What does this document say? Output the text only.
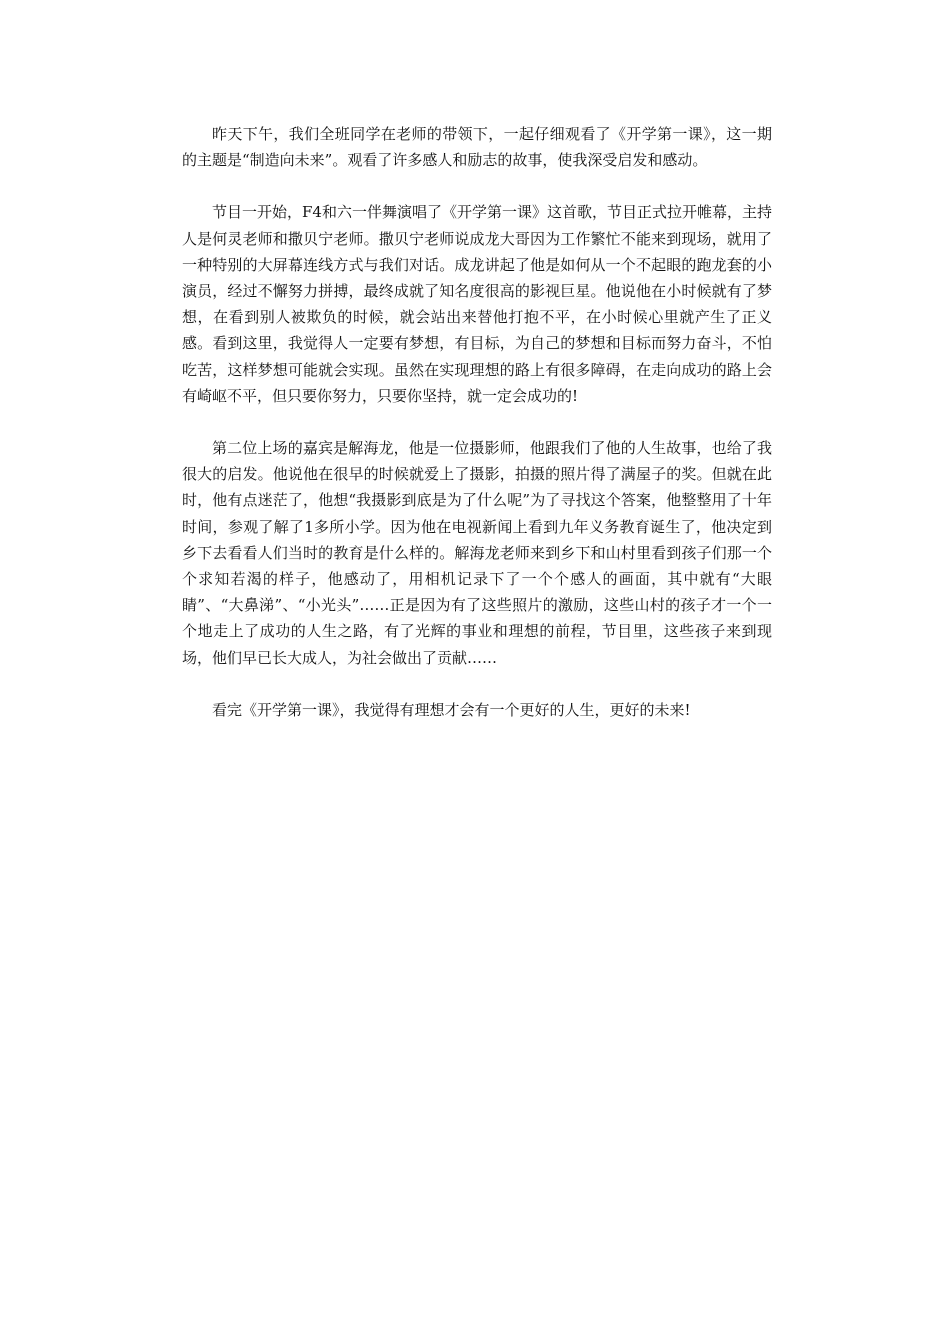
昨天下午，我们全班同学在老师的带领下，一起仔细观看了《开学第一课》，这一期的主题是“制造向未来”。观看了许多感人和励志的故事，使我深受启发和感动。

节目一开始，F4和六一伴舞演唱了《开学第一课》这首歌，节目正式拉开帷幕，主持人是何灵老师和撒贝宁老师。撒贝宁老师说成龙大哥因为工作繁忙不能来到现场，就用了一种特别的大屏幕连线方式与我们对话。成龙讲起了他是如何从一个不起眼的跑龙套的小演员，经过不懈努力拼搏，最终成就了知名度很高的影视巨星。他说他在小时候就有了梦想，在看到别人被欺负的时候，就会站出来替他打抱不平，在小时候心里就产生了正义感。看到这里，我觉得人一定要有梦想，有目标，为自己的梦想和目标而努力奋斗，不怕吃苦，这样梦想可能就会实现。虽然在实现理想的路上有很多障碍，在走向成功的路上会有崎岖不平，但只要你努力，只要你坚持，就一定会成功的!

第二位上场的嘉宾是解海龙，他是一位摄影师，他跟我们了他的人生故事，也给了我很大的启发。他说他在很早的时候就爱上了摄影，拍摄的照片得了满屋子的奖。但就在此时，他有点迷茫了，他想“我摄影到底是为了什么呢”为了寻找这个答案，他整整用了十年时间，参观了解了1多所小学。因为他在电视新闻上看到九年义务教育诞生了，他决定到乡下去看看人们当时的教育是什么样的。解海龙老师来到乡下和山村里看到孩子们那一个个求知若渴的样子，他感动了，用相机记录下了一个个感人的画面，其中就有“大眼睛”、“大鼻涕”、“小光头”……正是因为有了这些照片的激励，这些山村的孩子才一个一个地走上了成功的人生之路，有了光辉的事业和理想的前程，节目里，这些孩子来到现场，他们早已长大成人，为社会做出了贡献……

看完《开学第一课》，我觉得有理想才会有一个更好的人生，更好的未来!
